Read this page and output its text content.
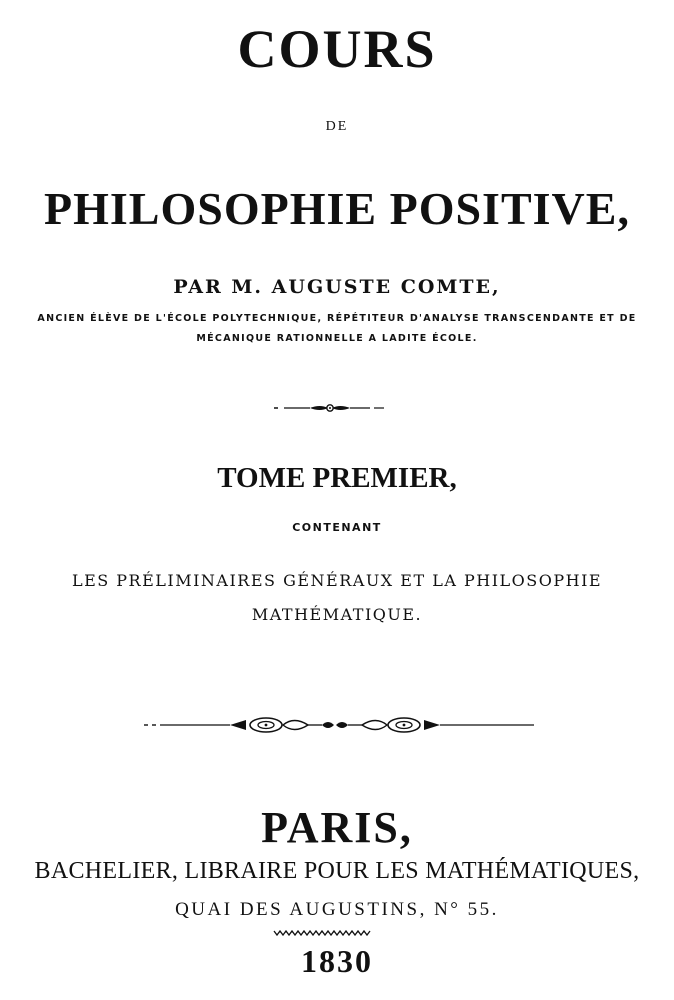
COURS
DE
PHILOSOPHIE POSITIVE,
PAR M. AUGUSTE COMTE,
ANCIEN ÉLÈVE DE L'ÉCOLE POLYTECHNIQUE, RÉPÉTITEUR D'ANALYSE TRANSCENDANTE ET DE
MÉCANIQUE RATIONNELLE A LADITE ÉCOLE.
TOME PREMIER,
CONTENANT
LES PRÉLIMINAIRES GÉNÉRAUX ET LA PHILOSOPHIE
MATHÉMATIQUE.
PARIS,
BACHELIER, LIBRAIRE POUR LES MATHÉMATIQUES,
QUAI DES AUGUSTINS, N° 55.
1830
